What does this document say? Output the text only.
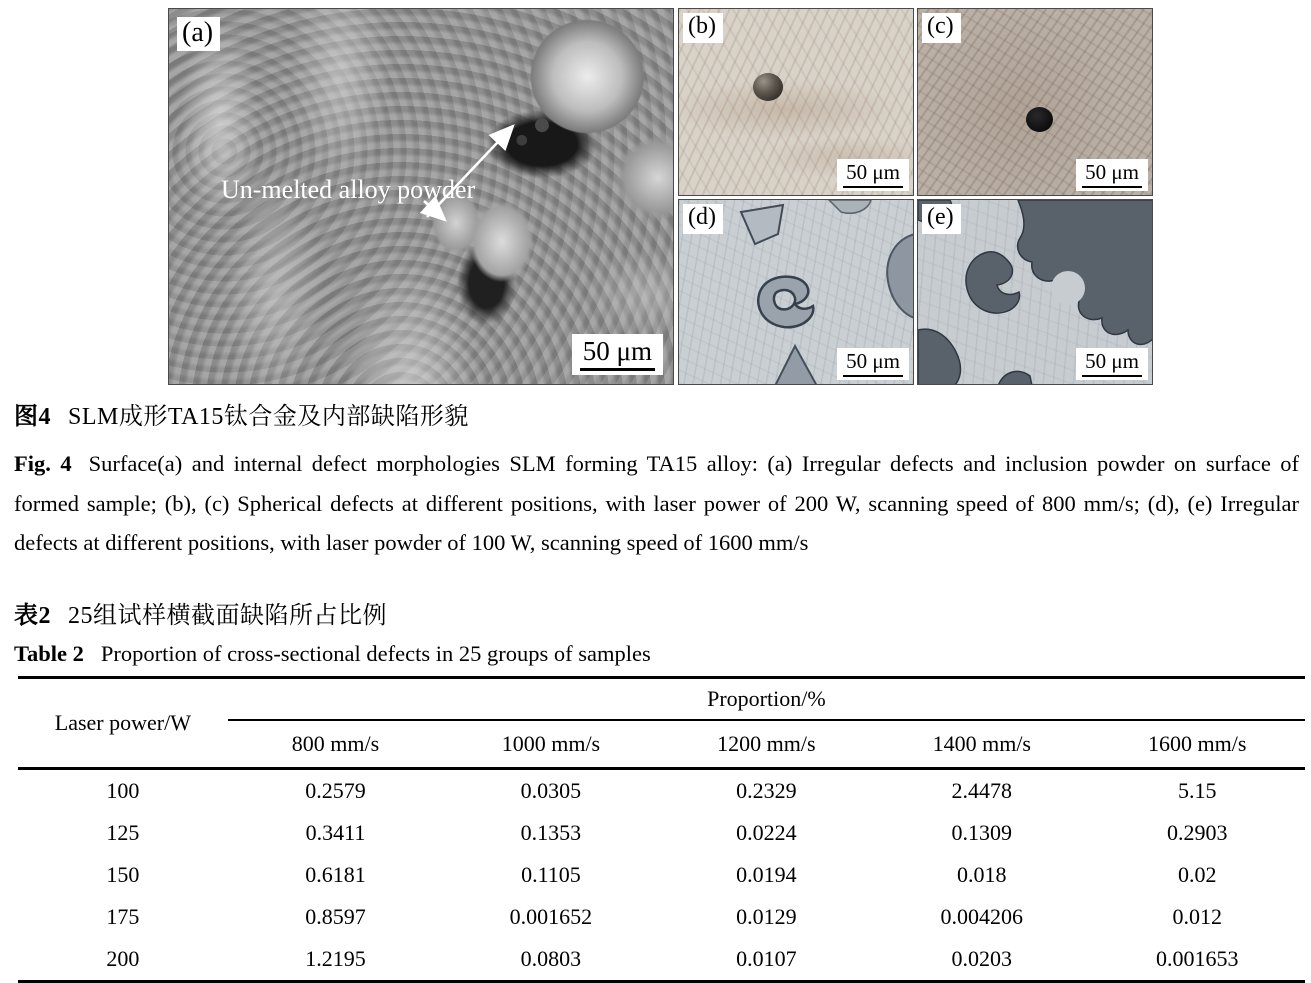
Un-melted alloy powder
(a)
50 μm
(b)
50 μm
(c)
50 μm
(d)
50 μm
(e)
50 μm

图4 SLM成形TA15钛合金及内部缺陷形貌

Fig. 4 Surface(a) and internal defect morphologies SLM forming TA15 alloy: (a) Irregular defects and inclusion powder on surface of formed sample; (b), (c) Spherical defects at different positions, with laser power of 200 W, scanning speed of 800 mm/s; (d), (e) Irregular defects at different positions, with laser powder of 100 W, scanning speed of 1600 mm/s

表2 25组试样横截面缺陷所占比例

Table 2 Proportion of cross-sectional defects in 25 groups of samples

Laser power/W	Proportion/%				
	800 mm/s	1000 mm/s	1200 mm/s	1400 mm/s	1600 mm/s
100	0.2579	0.0305	0.2329	2.4478	5.15
125	0.3411	0.1353	0.0224	0.1309	0.2903
150	0.6181	0.1105	0.0194	0.018	0.02
175	0.8597	0.001652	0.0129	0.004206	0.012
200	1.2195	0.0803	0.0107	0.0203	0.001653
